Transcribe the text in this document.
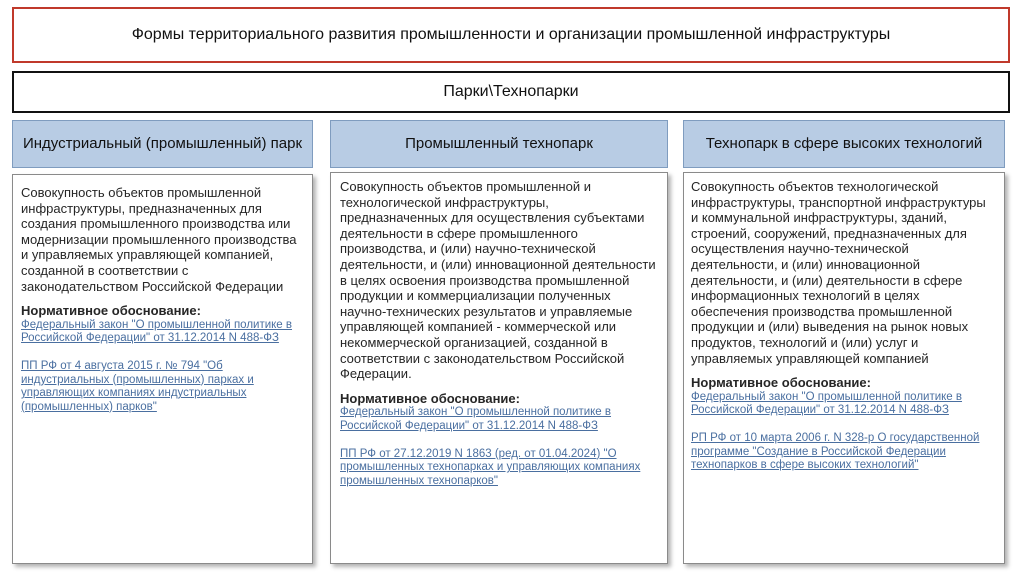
Формы территориального развития промышленности и организации промышленной инфраструктуры
Парки\Технопарки
Индустриальный (промышленный) парк

Совокупность объектов промышленной инфраструктуры, предназначенных для создания промышленного производства или модернизации промышленного производства и управляемых управляющей компанией, созданной в соответствии с законодательством Российской Федерации

Нормативное обоснование:

Федеральный закон "О промышленной политике в Российской Федерации" от 31.12.2014 N 488-ФЗ

ПП РФ от 4 августа 2015 г. № 794 "Об индустриальных (промышленных) парках и управляющих компаниях индустриальных (промышленных) парков"

Промышленный технопарк

Совокупность объектов промышленной и технологической инфраструктуры, предназначенных для осуществления субъектами деятельности в сфере промышленного производства, и (или) научно-технической деятельности, и (или) инновационной деятельности в целях освоения производства промышленной продукции и коммерциализации полученных научно-технических результатов и управляемые управляющей компанией - коммерческой или некоммерческой организацией, созданной в соответствии с законодательством Российской Федерации.

Нормативное обоснование:

Федеральный закон "О промышленной политике в Российской Федерации" от 31.12.2014 N 488-ФЗ

ПП РФ от 27.12.2019 N 1863 (ред. от 01.04.2024) "О промышленных технопарках и управляющих компаниях промышленных технопарков"

Технопарк в сфере высоких технологий

Совокупность объектов технологической инфраструктуры, транспортной инфраструктуры и коммунальной инфраструктуры, зданий, строений, сооружений, предназначенных для осуществления научно-технической деятельности, и (или) инновационной деятельности, и (или) деятельности в сфере информационных технологий в целях обеспечения производства промышленной продукции и (или) выведения на рынок новых продуктов, технологий и (или) услуг и управляемых управляющей компанией

Нормативное обоснование:

Федеральный закон "О промышленной политике в Российской Федерации" от 31.12.2014 N 488-ФЗ

РП РФ от 10 марта 2006 г. N 328-р О государственной программе "Создание в Российской Федерации технопарков в сфере высоких технологий"
